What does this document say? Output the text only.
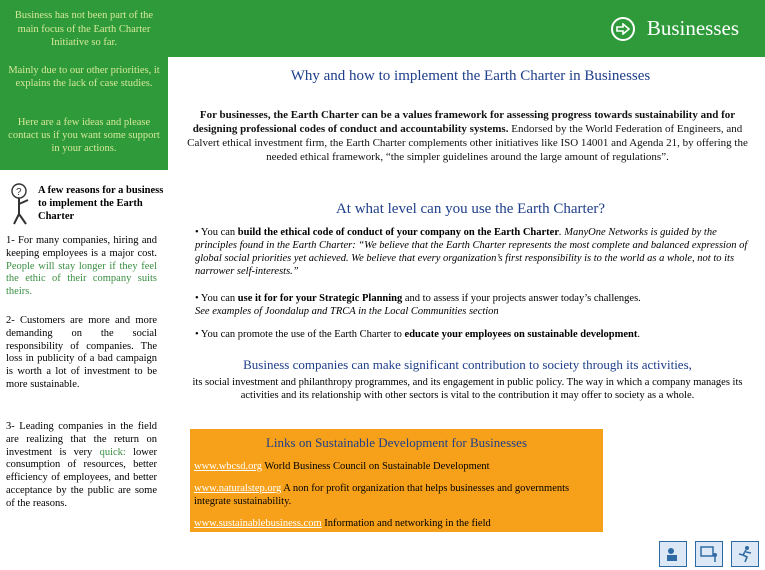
Business has not been part of the main focus of the Earth Charter Initiative so far.
Businesses
Mainly due to our other priorities, it explains the lack of case studies.
Here are a few ideas and please contact us if you want some support in your actions.
? A few reasons for a business to implement the Earth Charter
1- For many companies, hiring and keeping employees is a major cost. People will stay longer if they feel the ethic of their company suits theirs.
2- Customers are more and more demanding on the social responsibility of companies. The loss in publicity of a bad campaign is worth a lot of investment to be more sustainable.
3- Leading companies in the field are realizing that the return on investment is very quick: lower consumption of resources, better efficiency of employees, and better acceptance by the public are some of the reasons.
Why and how to implement the Earth Charter in Businesses
For businesses, the Earth Charter can be a values framework for assessing progress towards sustainability and for designing professional codes of conduct and accountability systems. Endorsed by the World Federation of Engineers, and Calvert ethical investment firm, the Earth Charter complements other initiatives like ISO 14001 and Agenda 21, by offering the needed ethical framework, “the simpler guidelines around the large amount of regulations”.
At what level can you use the Earth Charter?
• You can build the ethical code of conduct of your company on the Earth Charter. ManyOne Networks is guided by the principles found in the Earth Charter: “We believe that the Earth Charter represents the most complete and balanced expression of global social priorities yet achieved. We believe that every organization’s first responsibility is to the world as a whole, not to its narrower self-interests.”
• You can use it for for your Strategic Planning and to assess if your projects answer today’s challenges.
See examples of Joondalup and TRCA in the Local Communities section
• You can promote the use of the Earth Charter to educate your employees on sustainable development.
Business companies can make significant contribution to society through its activities,
its social investment and philanthropy programmes, and its engagement in public policy. The way in which a company manages its activities and its relationship with other sectors is vital to the contribution it may offer to society as a whole.
Links on Sustainable Development for Businesses
www.wbcsd.org World Business Council on Sustainable Development
www.naturalstep.org A non for profit organization that helps businesses and governments integrate sustainability.
www.sustainablebusiness.com Information and networking in the field
